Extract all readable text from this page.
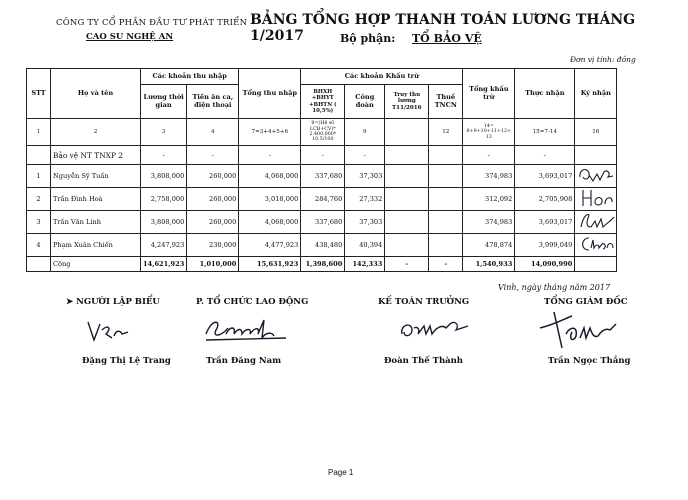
CÔNG TY CỔ PHẦN ĐẦU TƯ PHÁT TRIỂN
CAO SU NGHỆ AN
BẢNG TỔNG HỢP THANH TOÁN LƯƠNG THÁNG 1/2017	Bộ phận: TỔ BẢO VỆ
Đơn vị tính: đồng
STT	Họ và tên	Các khoản thu nhập		Tổng thu nhập	Các khoản Khấu trừ				Tổng khấu trừ	Thực nhận	Ký nhận
		Lương thời gian	Tiền ăn ca, điện thoại		BHXH +BHYT +BHTN ( 10,5%)	Công đoàn	Truy thu lương T11/2016	Thuế TNCN			
1	2	3	4	7=3+4+5+6	8=(Hệ số LCB+CV)* 2.400.000* 10.5/100	9		12	14= 8+9+10+11+12+ 13	15=7-14	16
	Bảo vệ NT TNXP 2	-	-	-	-	-			-	-	
1	Nguyễn Sỹ Tuấn	3,808,000	260,000	4,068,000	337,680	37,303			374,983	3,693,017	

2	Trần Đình Hoà	2,758,000	260,000	3,018,000	284,760	27,332			312,092	2,705,908	

3	Trần Văn Linh	3,808,000	260,000	4,068,000	337,680	37,303			374,983	3,693,017	

4	Phạm Xuân Chiến	4,247,923	230,000	4,477,923	438,480	40,394			478,874	3,999,049	

	Cộng	14,621,923	1,010,000	15,631,923	1,398,600	142,333	-	-	1,540,933	14,090,990	
Vinh, ngày tháng năm 2017
➤ NGƯỜI LẬP BIỂU	P. TỔ CHỨC LAO ĐỘNG	KẾ TOÁN TRƯỞNG	TỔNG GIÁM ĐỐC
Đặng Thị Lệ Trang	Trần Đăng Nam	Đoàn Thế Thành	Trần Ngọc Thắng
Page 1
